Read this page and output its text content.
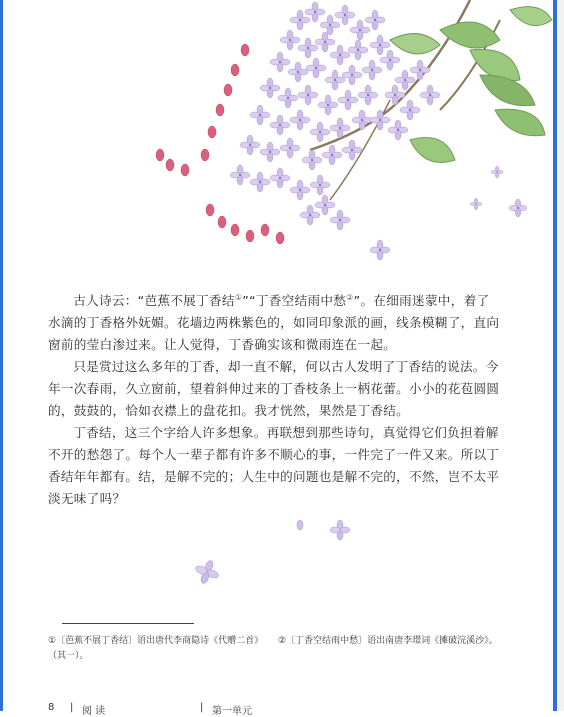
古人诗云：“芭蕉不展丁香结①”“丁香空结雨中愁②”。在细雨迷蒙中，着了水滴的丁香格外妩媚。花墙边两株紫色的，如同印象派的画，线条模糊了，直向窗前的莹白渗过来。让人觉得，丁香确实该和微雨连在一起。

只是赏过这么多年的丁香，却一直不解，何以古人发明了丁香结的说法。今年一次春雨，久立窗前，望着斜伸过来的丁香枝条上一柄花蕾。小小的花苞圆圆的，鼓鼓的，恰如衣襟上的盘花扣。我才恍然，果然是丁香结。

丁香结，这三个字给人许多想象。再联想到那些诗句，真觉得它们负担着解不开的愁怨了。每个人一辈子都有许多不顺心的事，一件完了一件又来。所以丁香结年年都有。结，是解不完的；人生中的问题也是解不完的，不然，岂不太平淡无味了吗？

①〔芭蕉不展丁香结〕语出唐代李商隐诗《代赠二首》（其一）。
②〔丁香空结雨中愁〕语出南唐李璟词《摊破浣溪沙》。
8 | 阅 读	| 第一单元
